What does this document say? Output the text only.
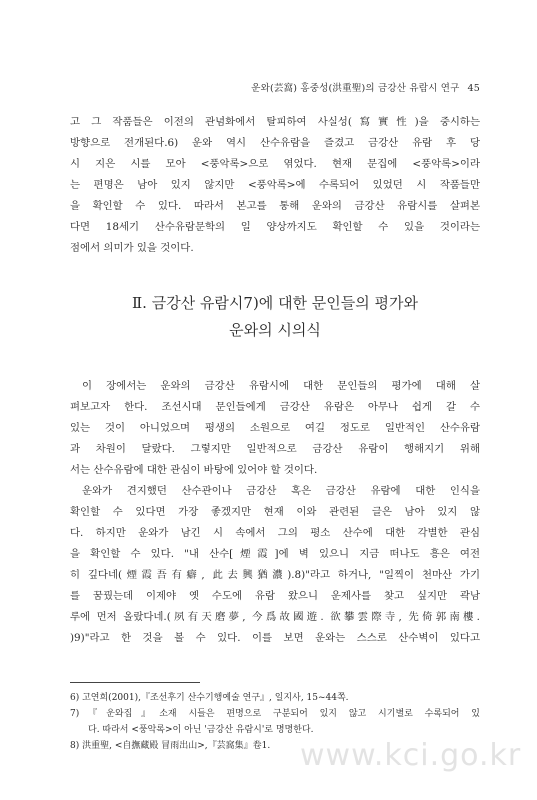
운와(芸窩) 홍중성(洪重聖)의 금강산 유람시 연구 45
고 그 작품들은 이전의 관념화에서 탈피하여 사실성(寫實性)을 중시하는
방향으로 전개된다.6) 운와 역시 산수유람을 즐겼고 금강산 유람 후 당
시 지은 시를 모아 <풍악록>으로 엮었다. 현재 문집에 <풍악록>이라
는 편명은 남아 있지 않지만 <풍악록>에 수록되어 있었던 시 작품들만
을 확인할 수 있다. 따라서 본고를 통해 운와의 금강산 유람시를 살펴본
다면 18세기 산수유람문학의 일 양상까지도 확인할 수 있을 것이라는
점에서 의미가 있을 것이다.
Ⅱ. 금강산 유람시7)에 대한 문인들의 평가와
운와의 시의식
이 장에서는 운와의 금강산 유람시에 대한 문인들의 평가에 대해 살
펴보고자 한다. 조선시대 문인들에게 금강산 유람은 아무나 쉽게 갈 수
있는 것이 아니었으며 평생의 소원으로 여길 정도로 일반적인 산수유람
과 차원이 달랐다. 그렇지만 일반적으로 금강산 유람이 행해지기 위해
서는 산수유람에 대한 관심이 바탕에 있어야 할 것이다.
운와가 견지했던 산수관이나 금강산 혹은 금강산 유람에 대한 인식을
확인할 수 있다면 가장 좋겠지만 현재 이와 관련된 글은 남아 있지 않
다. 하지만 운와가 남긴 시 속에서 그의 평소 산수에 대한 각별한 관심
을 확인할 수 있다. "내 산수[煙霞]에 벽 있으니 지금 떠나도 흥은 여전
히 깊다네(煙霞吾有癖, 此去興猶濃).8)"라고 하거나, "일찍이 천마산 가기
를 꿈꿨는데 이제야 옛 수도에 유람 왔으니 운제사를 찾고 싶지만 곽남
루에 먼저 올랐다네.(夙有天磨夢, 今爲故國遊. 欲攀雲際寺, 先倚郭南樓.
)9)"라고 한 것을 볼 수 있다. 이를 보면 운와는 스스로 산수벽이 있다고
6) 고연희(2001),『조선후기 산수기행예술 연구』, 일지사, 15~44쪽.
7)『운와집』소재 시들은 편명으로 구분되어 있지 않고 시기별로 수록되어 있
다. 따라서 <풍악록>이 아닌 '금강산 유람시'로 명명한다.
8) 洪重聖, <自撫藏殿 冒雨出山>,『芸窩集』卷1. www.kci.go.kr
